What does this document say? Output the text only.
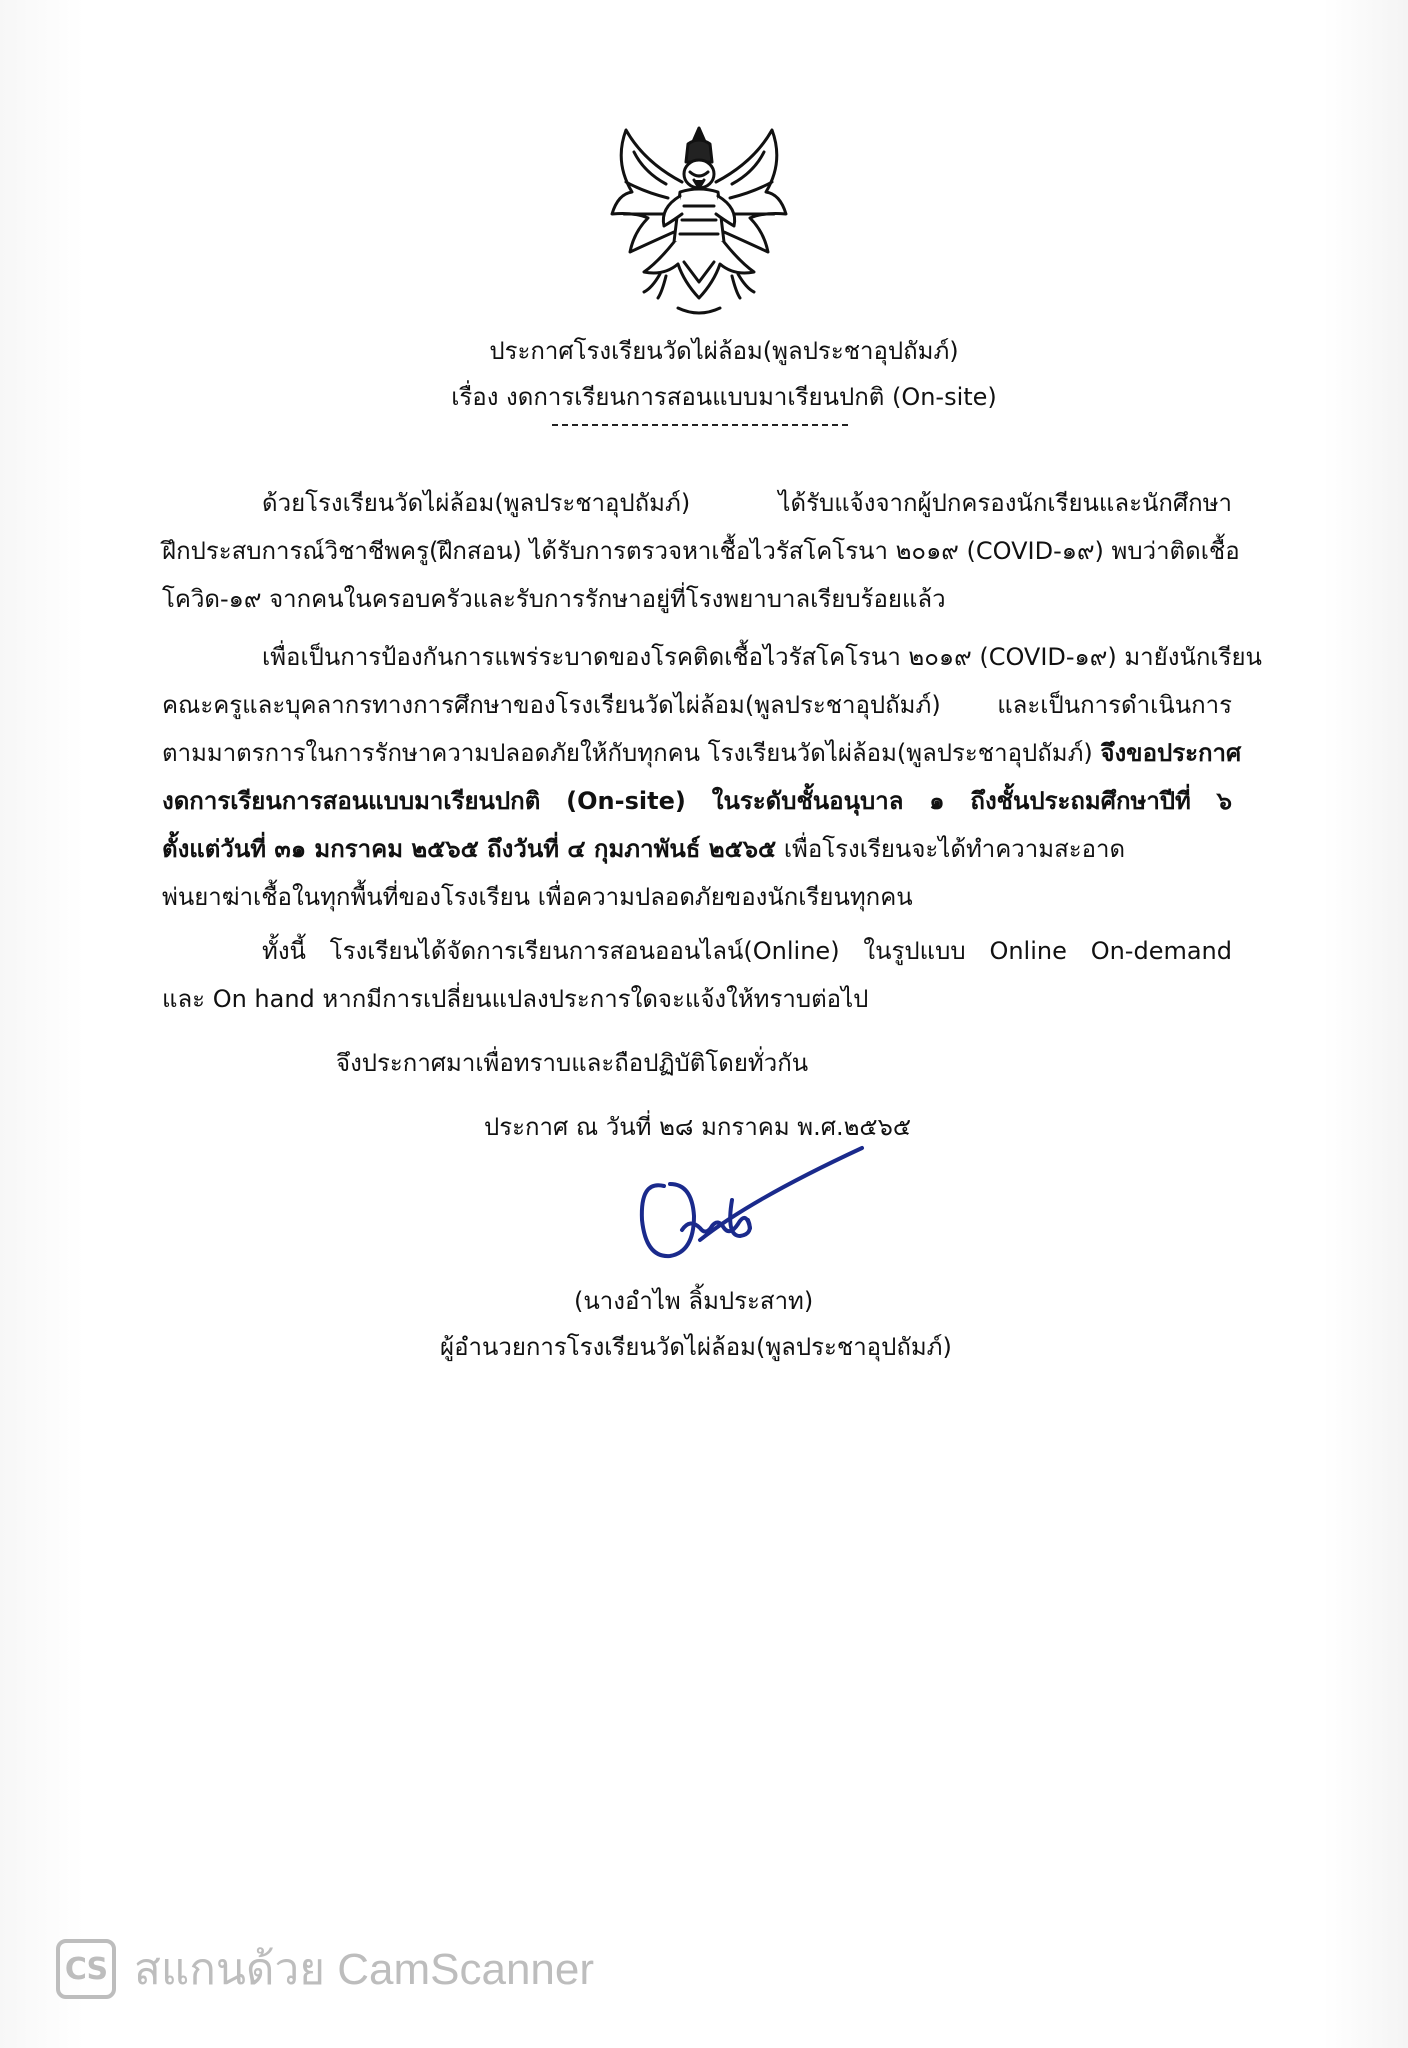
ประกาศโรงเรียนวัดไผ่ล้อม(พูลประชาอุปถัมภ์)
เรื่อง งดการเรียนการสอนแบบมาเรียนปกติ (On-site)
ด้วยโรงเรียนวัดไผ่ล้อม(พูลประชาอุปถัมภ์) ได้รับแจ้งจากผู้ปกครองนักเรียนและนักศึกษา
ฝึกประสบการณ์วิชาชีพครู(ฝึกสอน) ได้รับการตรวจหาเชื้อไวรัสโคโรนา ๒๐๑๙ (COVID-๑๙) พบว่าติดเชื้อ
โควิด-๑๙ จากคนในครอบครัวและรับการรักษาอยู่ที่โรงพยาบาลเรียบร้อยแล้ว
เพื่อเป็นการป้องกันการแพร่ระบาดของโรคติดเชื้อไวรัสโคโรนา ๒๐๑๙ (COVID-๑๙) มายังนักเรียน
คณะครูและบุคลากรทางการศึกษาของโรงเรียนวัดไผ่ล้อม(พูลประชาอุปถัมภ์) และเป็นการดำเนินการ
ตามมาตรการในการรักษาความปลอดภัยให้กับทุกคน โรงเรียนวัดไผ่ล้อม(พูลประชาอุปถัมภ์) จึงขอประกาศ
งดการเรียนการสอนแบบมาเรียนปกติ (On-site) ในระดับชั้นอนุบาล ๑ ถึงชั้นประถมศึกษาปีที่ ๖
ตั้งแต่วันที่ ๓๑ มกราคม ๒๕๖๕ ถึงวันที่ ๔ กุมภาพันธ์ ๒๕๖๕ เพื่อโรงเรียนจะได้ทำความสะอาด
พ่นยาฆ่าเชื้อในทุกพื้นที่ของโรงเรียน เพื่อความปลอดภัยของนักเรียนทุกคน
ทั้งนี้ โรงเรียนได้จัดการเรียนการสอนออนไลน์(Online) ในรูปแบบ Online On-demand
และ On hand หากมีการเปลี่ยนแปลงประการใดจะแจ้งให้ทราบต่อไป
จึงประกาศมาเพื่อทราบและถือปฏิบัติโดยทั่วกัน
ประกาศ ณ วันที่ ๒๘ มกราคม พ.ศ.๒๕๖๕
(นางอำไพ ลิ้มประสาท)
ผู้อำนวยการโรงเรียนวัดไผ่ล้อม(พูลประชาอุปถัมภ์)
CS สแกนด้วย CamScanner
